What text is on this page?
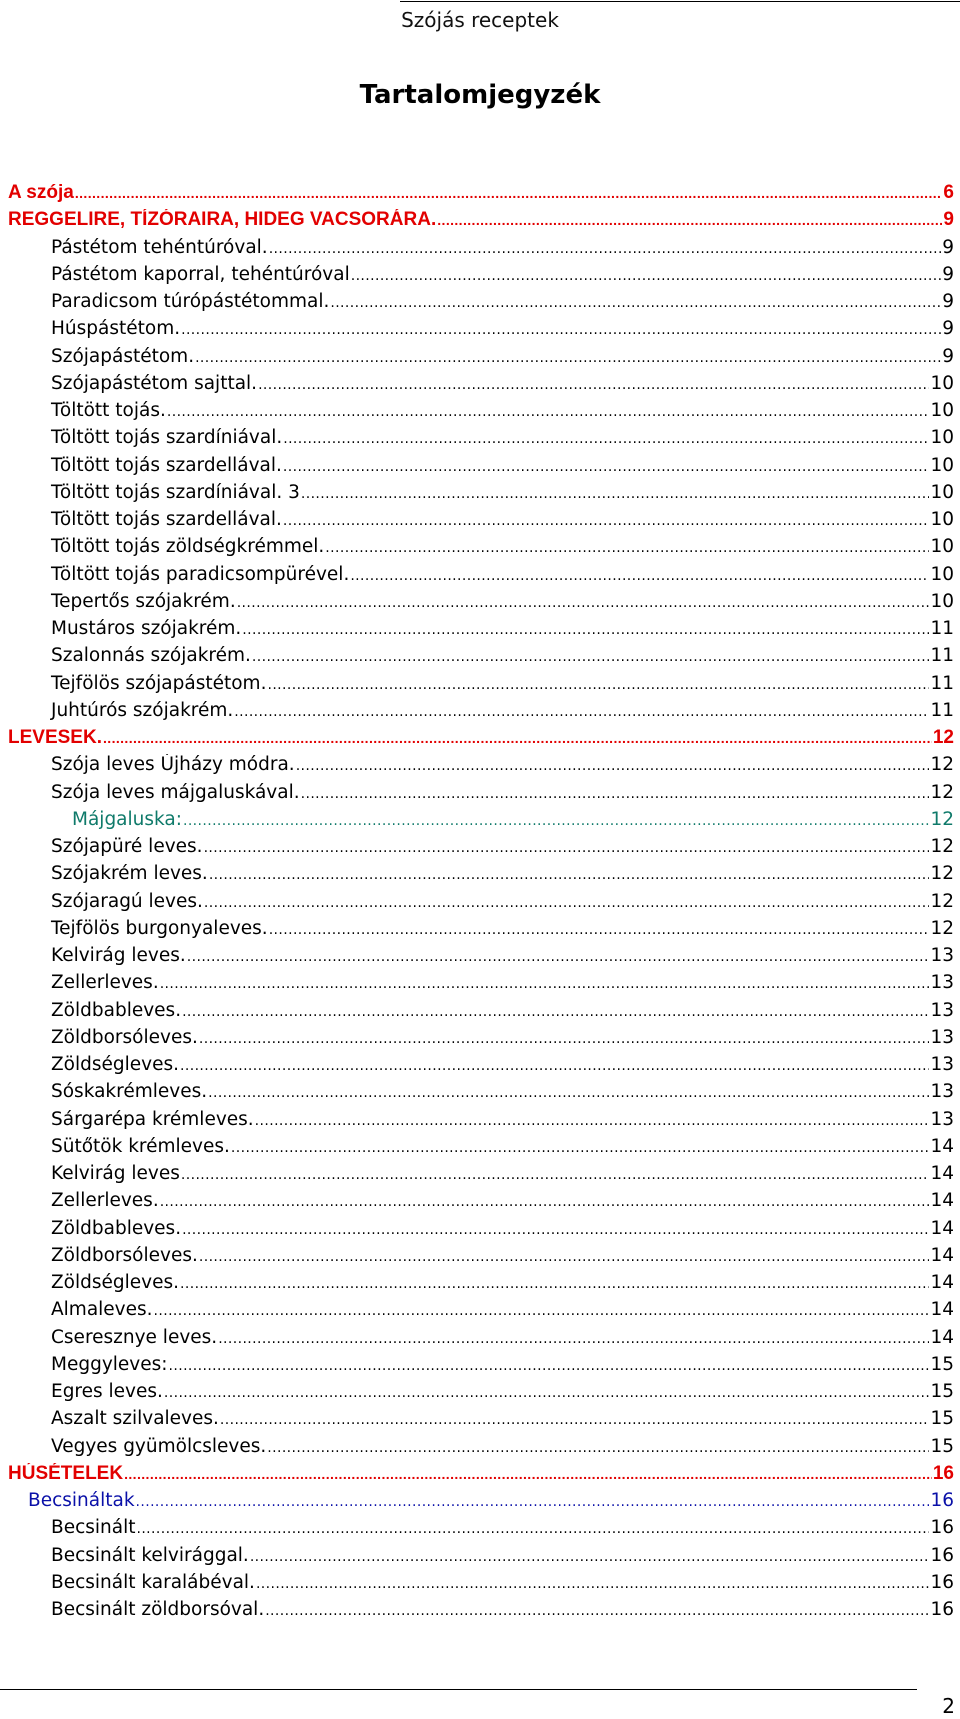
Szójás receptek
Tartalomjegyzék
A szója .....	6
REGGELIRE, TÍZÓRAIRA, HIDEG VACSORÁRA. .....	9
Pástétom tehéntúróval. .....	9
Pástétom kaporral, tehéntúróval .....	9
Paradicsom túrópástétommal. .....	9
Húspástétom. .....	9
Szójapástétom. .....	9
Szójapástétom sajttal. .....	10
Töltött tojás. .....	10
Töltött tojás szardíniával. .....	10
Töltött tojás szardellával. .....	10
Töltött tojás szardíniával. 3 .....	10
Töltött tojás szardellával. .....	10
Töltött tojás zöldségkrémmel. .....	10
Töltött tojás paradicsompürével. .....	10
Tepertős szójakrém. .....	10
Mustáros szójakrém. .....	11
Szalonnás szójakrém. .....	11
Tejfölös szójapástétom. .....	11
Juhtúrós szójakrém. .....	11
LEVESEK. .....	12
Szója leves Újházy módra. .....	12
Szója leves májgaluskával. .....	12
Májgaluska: .....	12
Szójapüré leves. .....	12
Szójakrém leves. .....	12
Szójaragú leves. .....	12
Tejfölös burgonyaleves. .....	12
Kelvirág leves. .....	13
Zellerleves. .....	13
Zöldbableves. .....	13
Zöldborsóleves. .....	13
Zöldségleves. .....	13
Sóskakrémleves. .....	13
Sárgarépa krémleves. .....	13
Sütőtök krémleves. .....	14
Kelvirág leves .....	14
Zellerleves. .....	14
Zöldbableves. .....	14
Zöldborsóleves. .....	14
Zöldségleves. .....	14
Almaleves. .....	14
Cseresznye leves. .....	14
Meggyleves: .....	15
Egres leves. .....	15
Aszalt szilvaleves. .....	15
Vegyes gyümölcsleves. .....	15
HÚSÉTELEK .....	16
Becsináltak .....	16
Becsinált .....	16
Becsinált kelvirággal. .....	16
Becsinált karalábéval. .....	16
Becsinált zöldborsóval. .....	16
2
